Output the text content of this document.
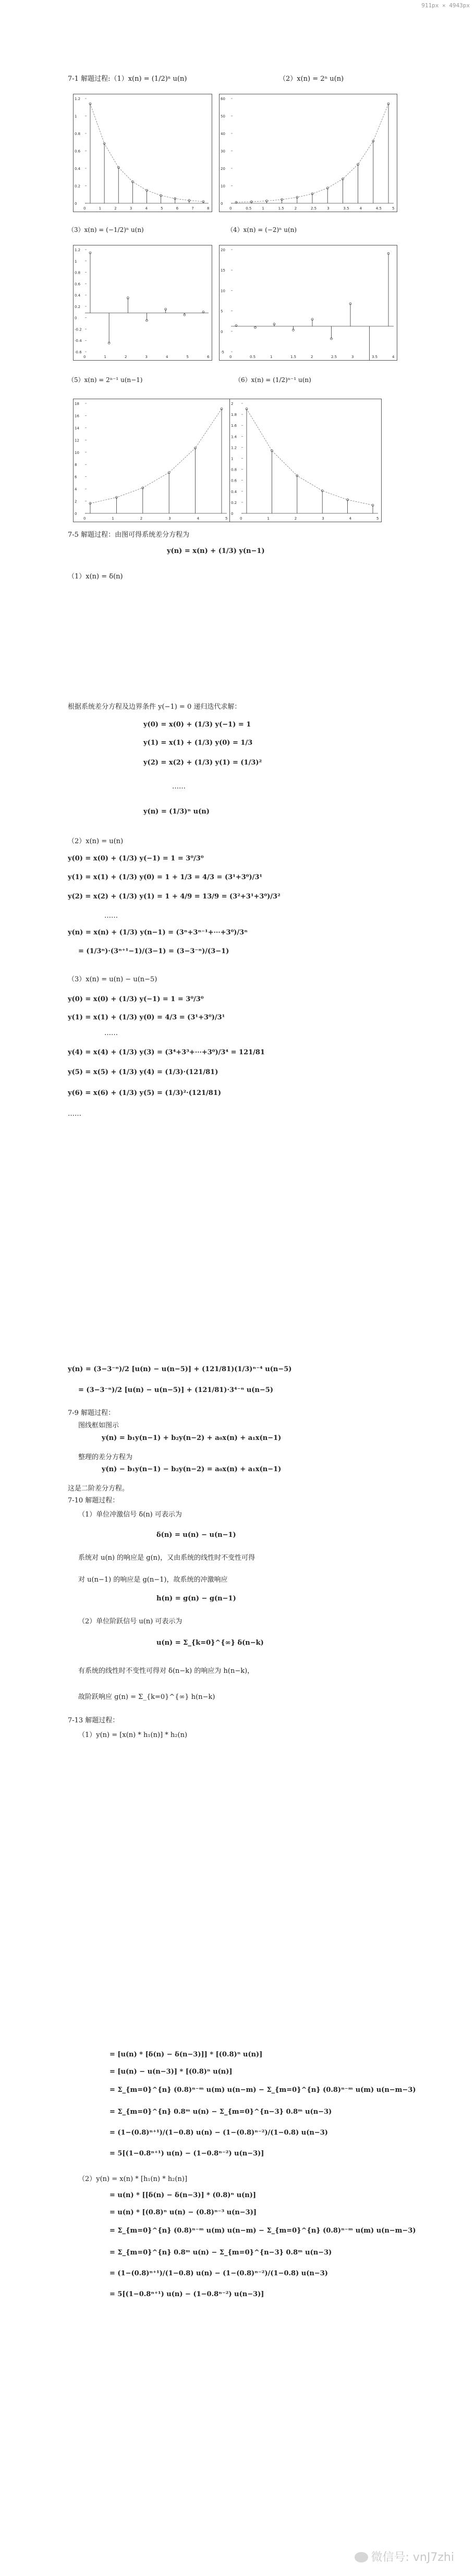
911px × 4943px
7-1 解题过程:（1）x(n) = (1/2)ⁿ u(n)	（2）x(n) = 2ⁿ u(n)
1.2
1
0.8
0.6
0.4
0.2
0
0	1	2	3	4	5	6	7	8
60
50
40
30
20
10
0
0	0.5	1	1.5	2	2.5	3	3.5	4	4.5	5
（3）x(n) = (−1/2)ⁿ u(n)	（4）x(n) = (−2)ⁿ u(n)
1.2
1
0.8
0.6
0.4
0.2
0
-0.2
-0.4
-0.6
0	1	2	3	4	5	6
20
15
10
5
0
-5
0	0.5	1	1.5	2	2.5	3	3.5	4
（5）x(n) = 2ⁿ⁻¹ u(n−1)	（6）x(n) = (1/2)ⁿ⁻¹ u(n)
18
16
14
12
10
8
6
4
2
0
0	1	2	3	4	5
2
1.8
1.6
1.4
1.2
1
0.8
0.6
0.4
0.2
0
0	1	2	3	4	5
7-5 解题过程：由图可得系统差分方程为
y(n) = x(n) + (1/3) y(n−1)
（1）x(n) = δ(n)
根据系统差分方程及边界条件 y(−1) = 0 递归迭代求解：
y(0) = x(0) + (1/3) y(−1) = 1
y(1) = x(1) + (1/3) y(0) = 1/3
y(2) = x(2) + (1/3) y(1) = (1/3)²
……
y(n) = (1/3)ⁿ u(n)
（2）x(n) = u(n)
y(0) = x(0) + (1/3) y(−1) = 1 = 3⁰/3⁰
y(1) = x(1) + (1/3) y(0) = 1 + 1/3 = 4/3 = (3¹+3⁰)/3¹
y(2) = x(2) + (1/3) y(1) = 1 + 4/9 = 13/9 = (3²+3¹+3⁰)/3²
……
y(n) = x(n) + (1/3) y(n−1) = (3ⁿ+3ⁿ⁻¹+⋯+3⁰)/3ⁿ
= (1/3ⁿ)·(3ⁿ⁺¹−1)/(3−1) = (3−3⁻ⁿ)/(3−1)
（3）x(n) = u(n) − u(n−5)
y(0) = x(0) + (1/3) y(−1) = 1 = 3⁰/3⁰
y(1) = x(1) + (1/3) y(0) = 4/3 = (3¹+3⁰)/3¹
……
y(4) = x(4) + (1/3) y(3) = (3⁴+3³+⋯+3⁰)/3⁴ = 121/81
y(5) = x(5) + (1/3) y(4) = (1/3)·(121/81)
y(6) = x(6) + (1/3) y(5) = (1/3)²·(121/81)
……
y(n) = (3−3⁻ⁿ)/2 [u(n) − u(n−5)] + (121/81)(1/3)ⁿ⁻⁴ u(n−5)
= (3−3⁻ⁿ)/2 [u(n) − u(n−5)] + (121/81)·3⁴⁻ⁿ u(n−5)
7-9 解题过程：
图线框如图示
y(n) = b₁y(n−1) + b₂y(n−2) + a₀x(n) + a₁x(n−1)
整理的差分方程为
y(n) − b₁y(n−1) − b₂y(n−2) = a₀x(n) + a₁x(n−1)
这是二阶差分方程。
7-10 解题过程：
（1）单位冲激信号 δ(n) 可表示为
δ(n) = u(n) − u(n−1)
系统对 u(n) 的响应是 g(n)，又由系统的线性时不变性可得
对 u(n−1) 的响应是 g(n−1)，故系统的冲激响应
h(n) = g(n) − g(n−1)
（2）单位阶跃信号 u(n) 可表示为
u(n) = Σ_{k=0}^{∞} δ(n−k)
有系统的线性时不变性可得对 δ(n−k) 的响应为 h(n−k)，
故阶跃响应 g(n) = Σ_{k=0}^{∞} h(n−k)
7-13 解题过程：
（1）y(n) = [x(n) * h₁(n)] * h₂(n)
= [u(n) * [δ(n) − δ(n−3)]] * [(0.8)ⁿ u(n)]
= [u(n) − u(n−3)] * [(0.8)ⁿ u(n)]
= Σ_{m=0}^{n} (0.8)ⁿ⁻ᵐ u(m) u(n−m) − Σ_{m=0}^{n} (0.8)ⁿ⁻ᵐ u(m) u(n−m−3)
= Σ_{m=0}^{n} 0.8ᵐ u(n) − Σ_{m=0}^{n−3} 0.8ᵐ u(n−3)
= (1−(0.8)ⁿ⁺¹)/(1−0.8) u(n) − (1−(0.8)ⁿ⁻²)/(1−0.8) u(n−3)
= 5[(1−0.8ⁿ⁺¹) u(n) − (1−0.8ⁿ⁻²) u(n−3)]
（2）y(n) = x(n) * [h₁(n) * h₂(n)]
= u(n) * [[δ(n) − δ(n−3)] * (0.8)ⁿ u(n)]
= u(n) * [(0.8)ⁿ u(n) − (0.8)ⁿ⁻³ u(n−3)]
= Σ_{m=0}^{n} (0.8)ⁿ⁻ᵐ u(m) u(n−m) − Σ_{m=0}^{n} (0.8)ⁿ⁻ᵐ u(m) u(n−m−3)
= Σ_{m=0}^{n} 0.8ᵐ u(n) − Σ_{m=0}^{n−3} 0.8ᵐ u(n−3)
= (1−(0.8)ⁿ⁺¹)/(1−0.8) u(n) − (1−(0.8)ⁿ⁻²)/(1−0.8) u(n−3)
= 5[(1−0.8ⁿ⁺¹) u(n) − (1−0.8ⁿ⁻²) u(n−3)]
微信号: vnJ7zhi
